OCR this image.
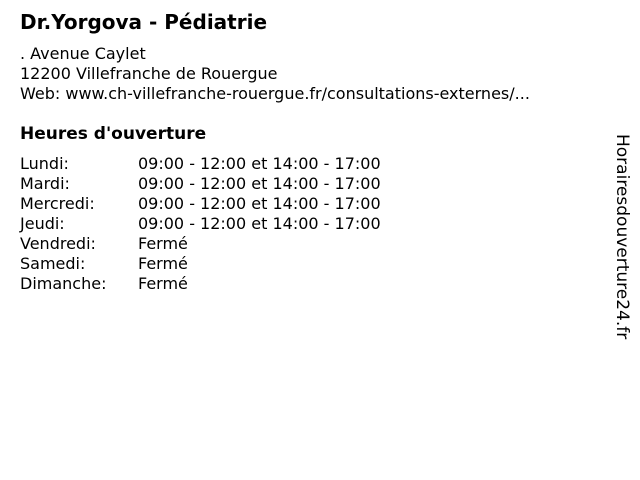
Dr.Yorgova - Pédiatrie
. Avenue Caylet
12200 Villefranche de Rouergue
Web: www.ch-villefranche-rouergue.fr/consultations-externes/...
Heures d'ouverture
Lundi:	09:00 - 12:00 et 14:00 - 17:00
Mardi:	09:00 - 12:00 et 14:00 - 17:00
Mercredi:	09:00 - 12:00 et 14:00 - 17:00
Jeudi:	09:00 - 12:00 et 14:00 - 17:00
Vendredi:	Fermé
Samedi:	Fermé
Dimanche:	Fermé	Horairesdouverture24.fr
